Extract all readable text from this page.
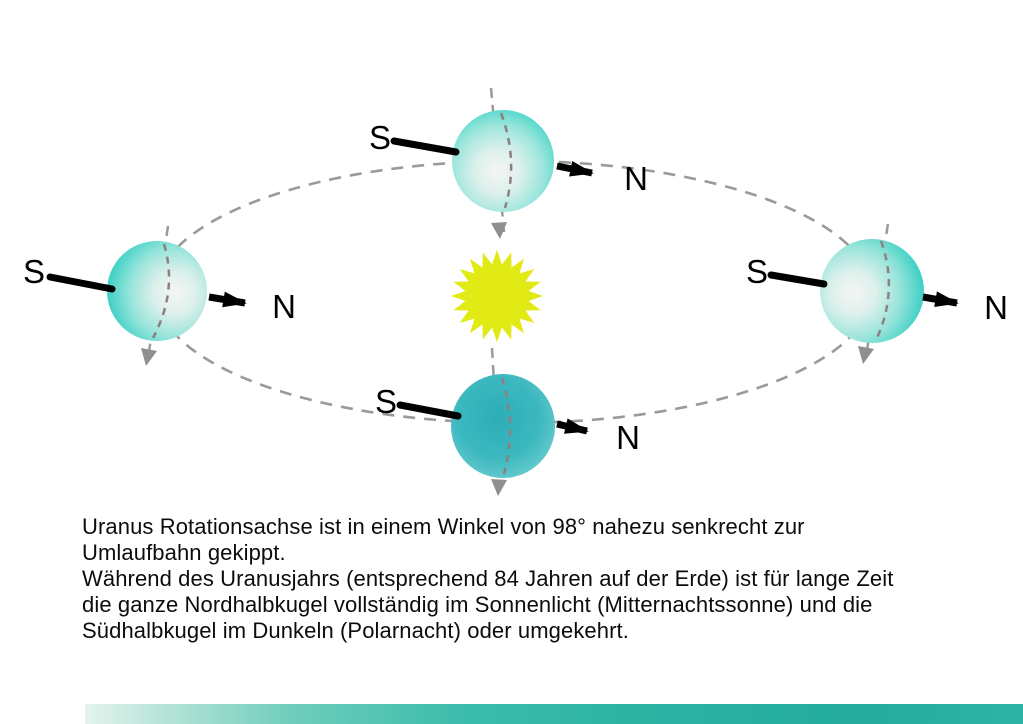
S
N
S
N
S
N
S
N
Uranus Rotationsachse ist in einem Winkel von 98° nahezu senkrecht zur
Umlaufbahn gekippt.
Während des Uranusjahrs (entsprechend 84 Jahren auf der Erde) ist für lange Zeit
die ganze Nordhalbkugel vollständig im Sonnenlicht (Mitternachtssonne) und die
Südhalbkugel im Dunkeln (Polarnacht) oder umgekehrt.
